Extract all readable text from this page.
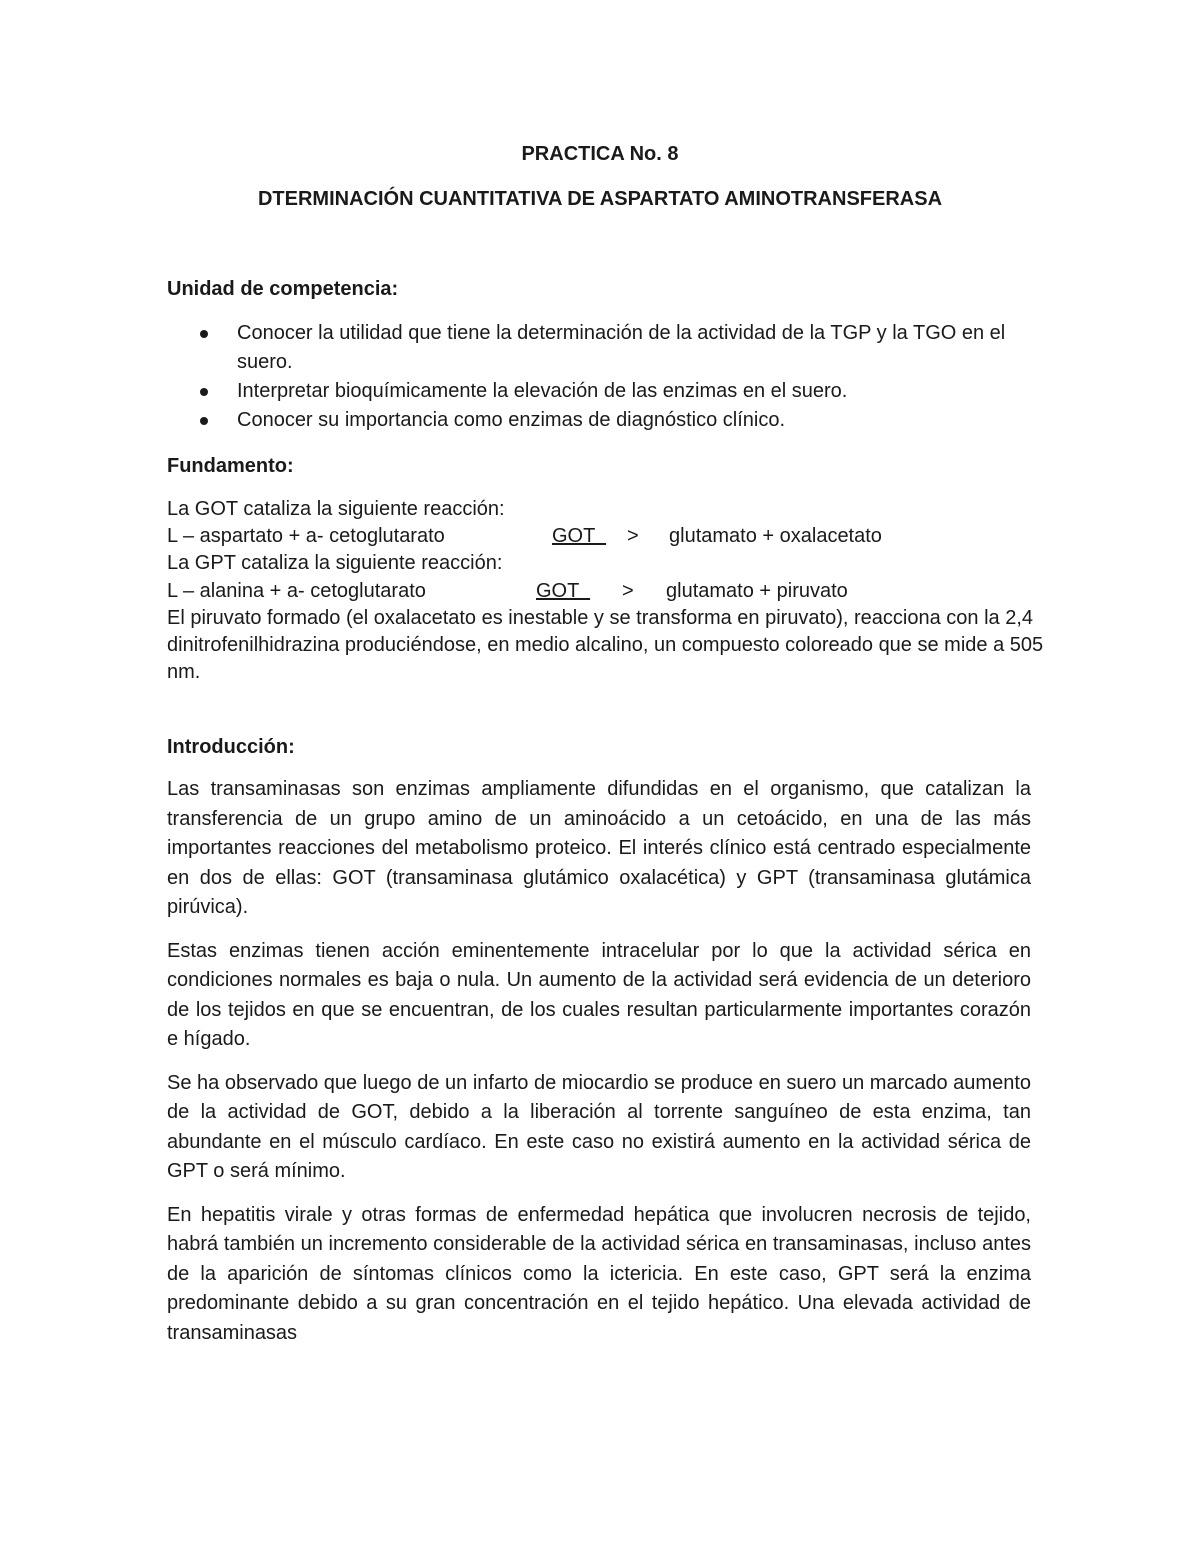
PRACTICA No. 8
DTERMINACIÓN CUANTITATIVA DE ASPARTATO AMINOTRANSFERASA
Unidad de competencia:
Conocer la utilidad que tiene la determinación de la actividad de la TGP y la TGO en el suero.
Interpretar bioquímicamente la elevación de las enzimas en el suero.
Conocer su importancia como enzimas de diagnóstico clínico.
Fundamento:
La GOT cataliza la siguiente reacción:
L – aspartato + a- cetoglutarato	GOT > glutamato + oxalacetato
La GPT cataliza la siguiente reacción:
L – alanina + a- cetoglutarato	GOT > glutamato + piruvato
El piruvato formado (el oxalacetato es inestable y se transforma en piruvato), reacciona con la 2,4 dinitrofenilhidrazina produciéndose, en medio alcalino, un compuesto coloreado que se mide a 505 nm.
Introducción:

Las transaminasas son enzimas ampliamente difundidas en el organismo, que catalizan la transferencia de un grupo amino de un aminoácido a un cetoácido, en una de las más importantes reacciones del metabolismo proteico. El interés clínico está centrado especialmente en dos de ellas: GOT (transaminasa glutámico oxalacética) y GPT (transaminasa glutámica pirúvica).

Estas enzimas tienen acción eminentemente intracelular por lo que la actividad sérica en condiciones normales es baja o nula. Un aumento de la actividad será evidencia de un deterioro de los tejidos en que se encuentran, de los cuales resultan particularmente importantes corazón e hígado.

Se ha observado que luego de un infarto de miocardio se produce en suero un marcado aumento de la actividad de GOT, debido a la liberación al torrente sanguíneo de esta enzima, tan abundante en el músculo cardíaco. En este caso no existirá aumento en la actividad sérica de GPT o será mínimo.

En hepatitis virale y otras formas de enfermedad hepática que involucren necrosis de tejido, habrá también un incremento considerable de la actividad sérica en transaminasas, incluso antes de la aparición de síntomas clínicos como la ictericia. En este caso, GPT será la enzima predominante debido a su gran concentración en el tejido hepático. Una elevada actividad de transaminasas
